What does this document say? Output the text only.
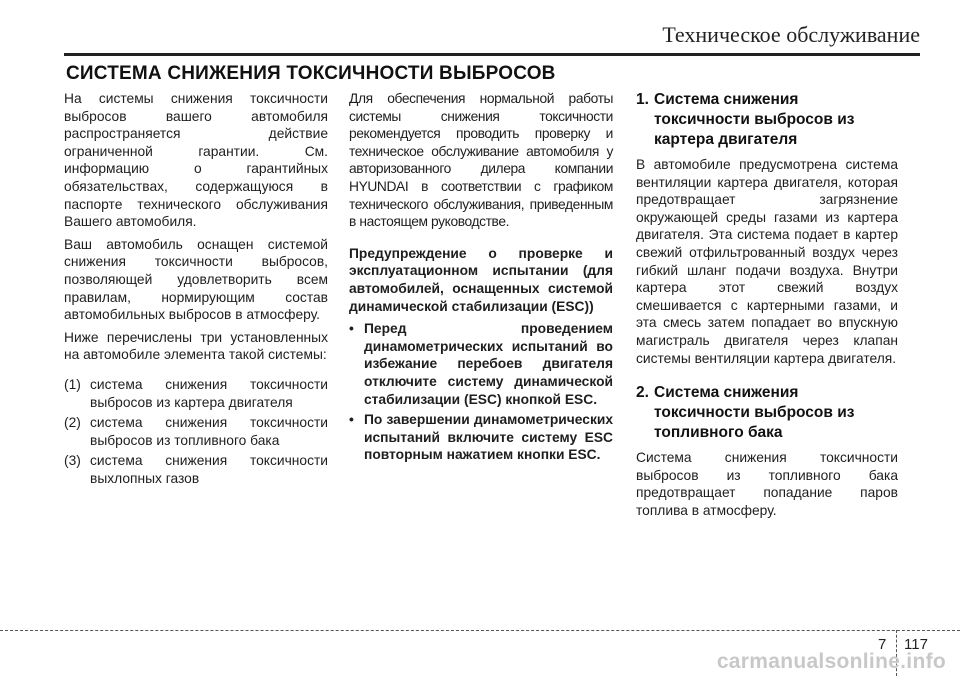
Техническое обслуживание
СИСТЕМА СНИЖЕНИЯ ТОКСИЧНОСТИ ВЫБРОСОВ

На системы снижения токсичности выбросов вашего автомобиля распространяется действие ограниченной гарантии. См. информацию о гарантийных обязательствах, содержащуюся в паспорте технического обслуживания Вашего автомобиля.

Ваш автомобиль оснащен системой снижения токсичности выбросов, позволяющей удовлетворить всем правилам, нормирующим состав автомобильных выбросов в атмосферу.

Ниже перечислены три установленных на автомобиле элемента такой системы:

(1) система снижения токсичности выбросов из картера двигателя
(2) система снижения токсичности выбросов из топливного бака
(3) система снижения токсичности выхлопных газов

Для обеспечения нормальной работы системы снижения токсичности рекомендуется проводить проверку и техническое обслуживание автомобиля у авторизованного дилера компании HYUNDAI в соответствии с графиком технического обслуживания, приведенным в настоящем руководстве.

Предупреждение о проверке и эксплуатационном испытании (для автомобилей, оснащенных системой динамической стабилизации (ESC))

• Перед проведением динамометрических испытаний во избежание перебоев двигателя отключите систему динамической стабилизации (ESC) кнопкой ESC.
• По завершении динамометрических испытаний включите систему ESC повторным нажатием кнопки ESC.
1. Система снижения токсичности выбросов из картера двигателя

В автомобиле предусмотрена система вентиляции картера двигателя, которая предотвращает загрязнение окружающей среды газами из картера двигателя. Эта система подает в картер свежий отфильтрованный воздух через гибкий шланг подачи воздуха. Внутри картера этот свежий воздух смешивается с картерными газами, и эта смесь затем попадает во впускную магистраль двигателя через клапан системы вентиляции картера двигателя.

2. Система снижения токсичности выбросов из топливного бака

Система снижения токсичности выбросов из топливного бака предотвращает попадание паров топлива в атмосферу.

7 117
carmanualsonline.info
